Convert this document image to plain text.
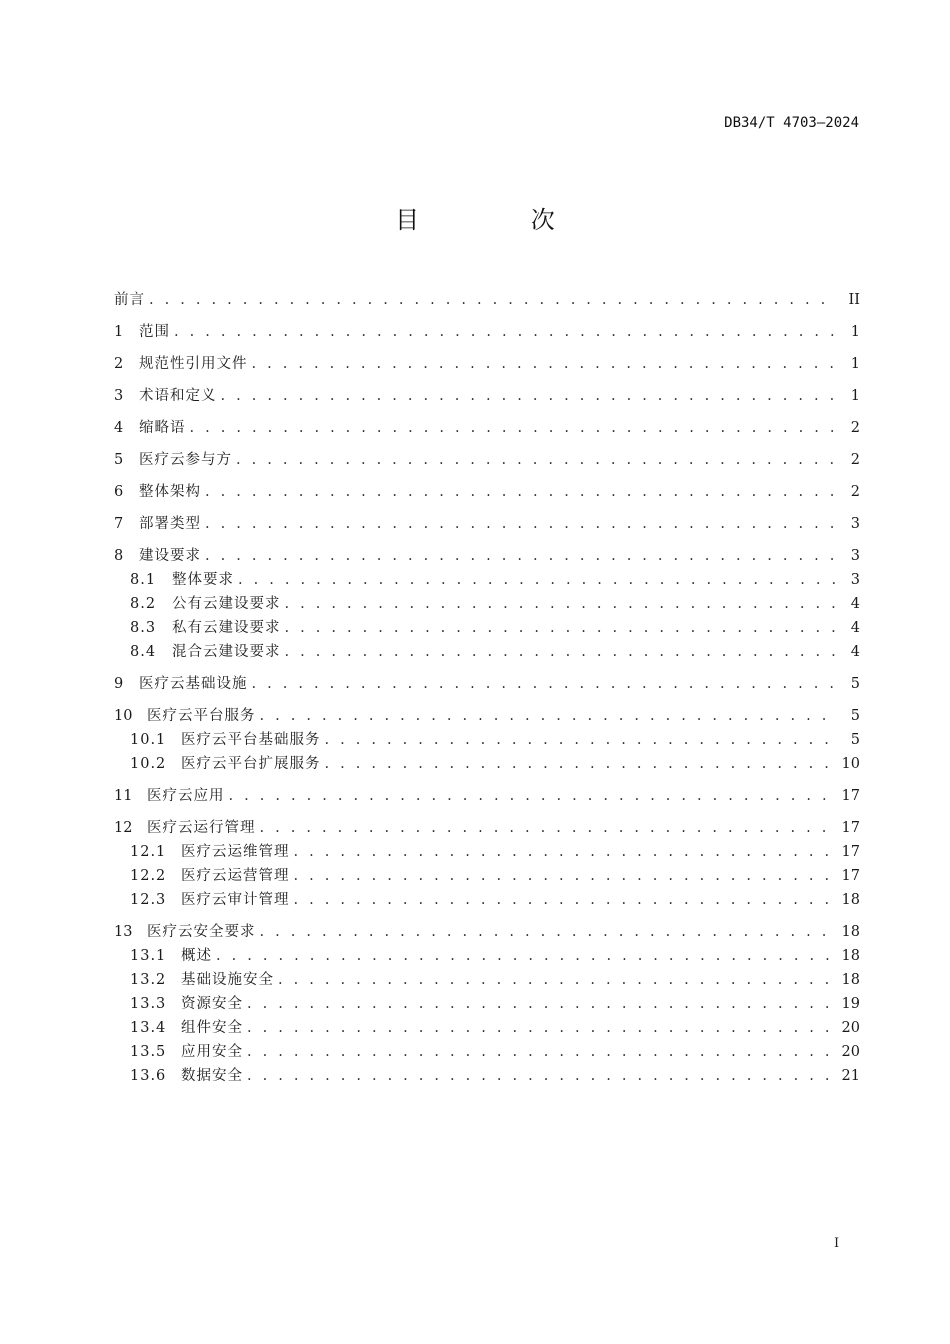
DB34/T 4703—2024
目 次
前言 . . .	II
1	范围 . . .	1
2	规范性引用文件 . . .	1
3	术语和定义 . . .	1
4	缩略语 . . .	2
5	医疗云参与方 . . .	2
6	整体架构 . . .	2
7	部署类型 . . .	3
8	建设要求 . . .	3
8.1	整体要求 . . .	3
8.2	公有云建设要求 . . .	4
8.3	私有云建设要求 . . .	4
8.4	混合云建设要求 . . .	4
9	医疗云基础设施 . . .	5
10	医疗云平台服务 . . .	5
10.1	医疗云平台基础服务 . . .	5
10.2	医疗云平台扩展服务 . . .	10
11	医疗云应用 . . .	17
12	医疗云运行管理 . . .	17
12.1	医疗云运维管理 . . .	17
12.2	医疗云运营管理 . . .	17
12.3	医疗云审计管理 . . .	18
13	医疗云安全要求 . . .	18
13.1	概述 . . .	18
13.2	基础设施安全 . . .	18
13.3	资源安全 . . .	19
13.4	组件安全 . . .	20
13.5	应用安全 . . .	20
13.6	数据安全 . . .	21
I
